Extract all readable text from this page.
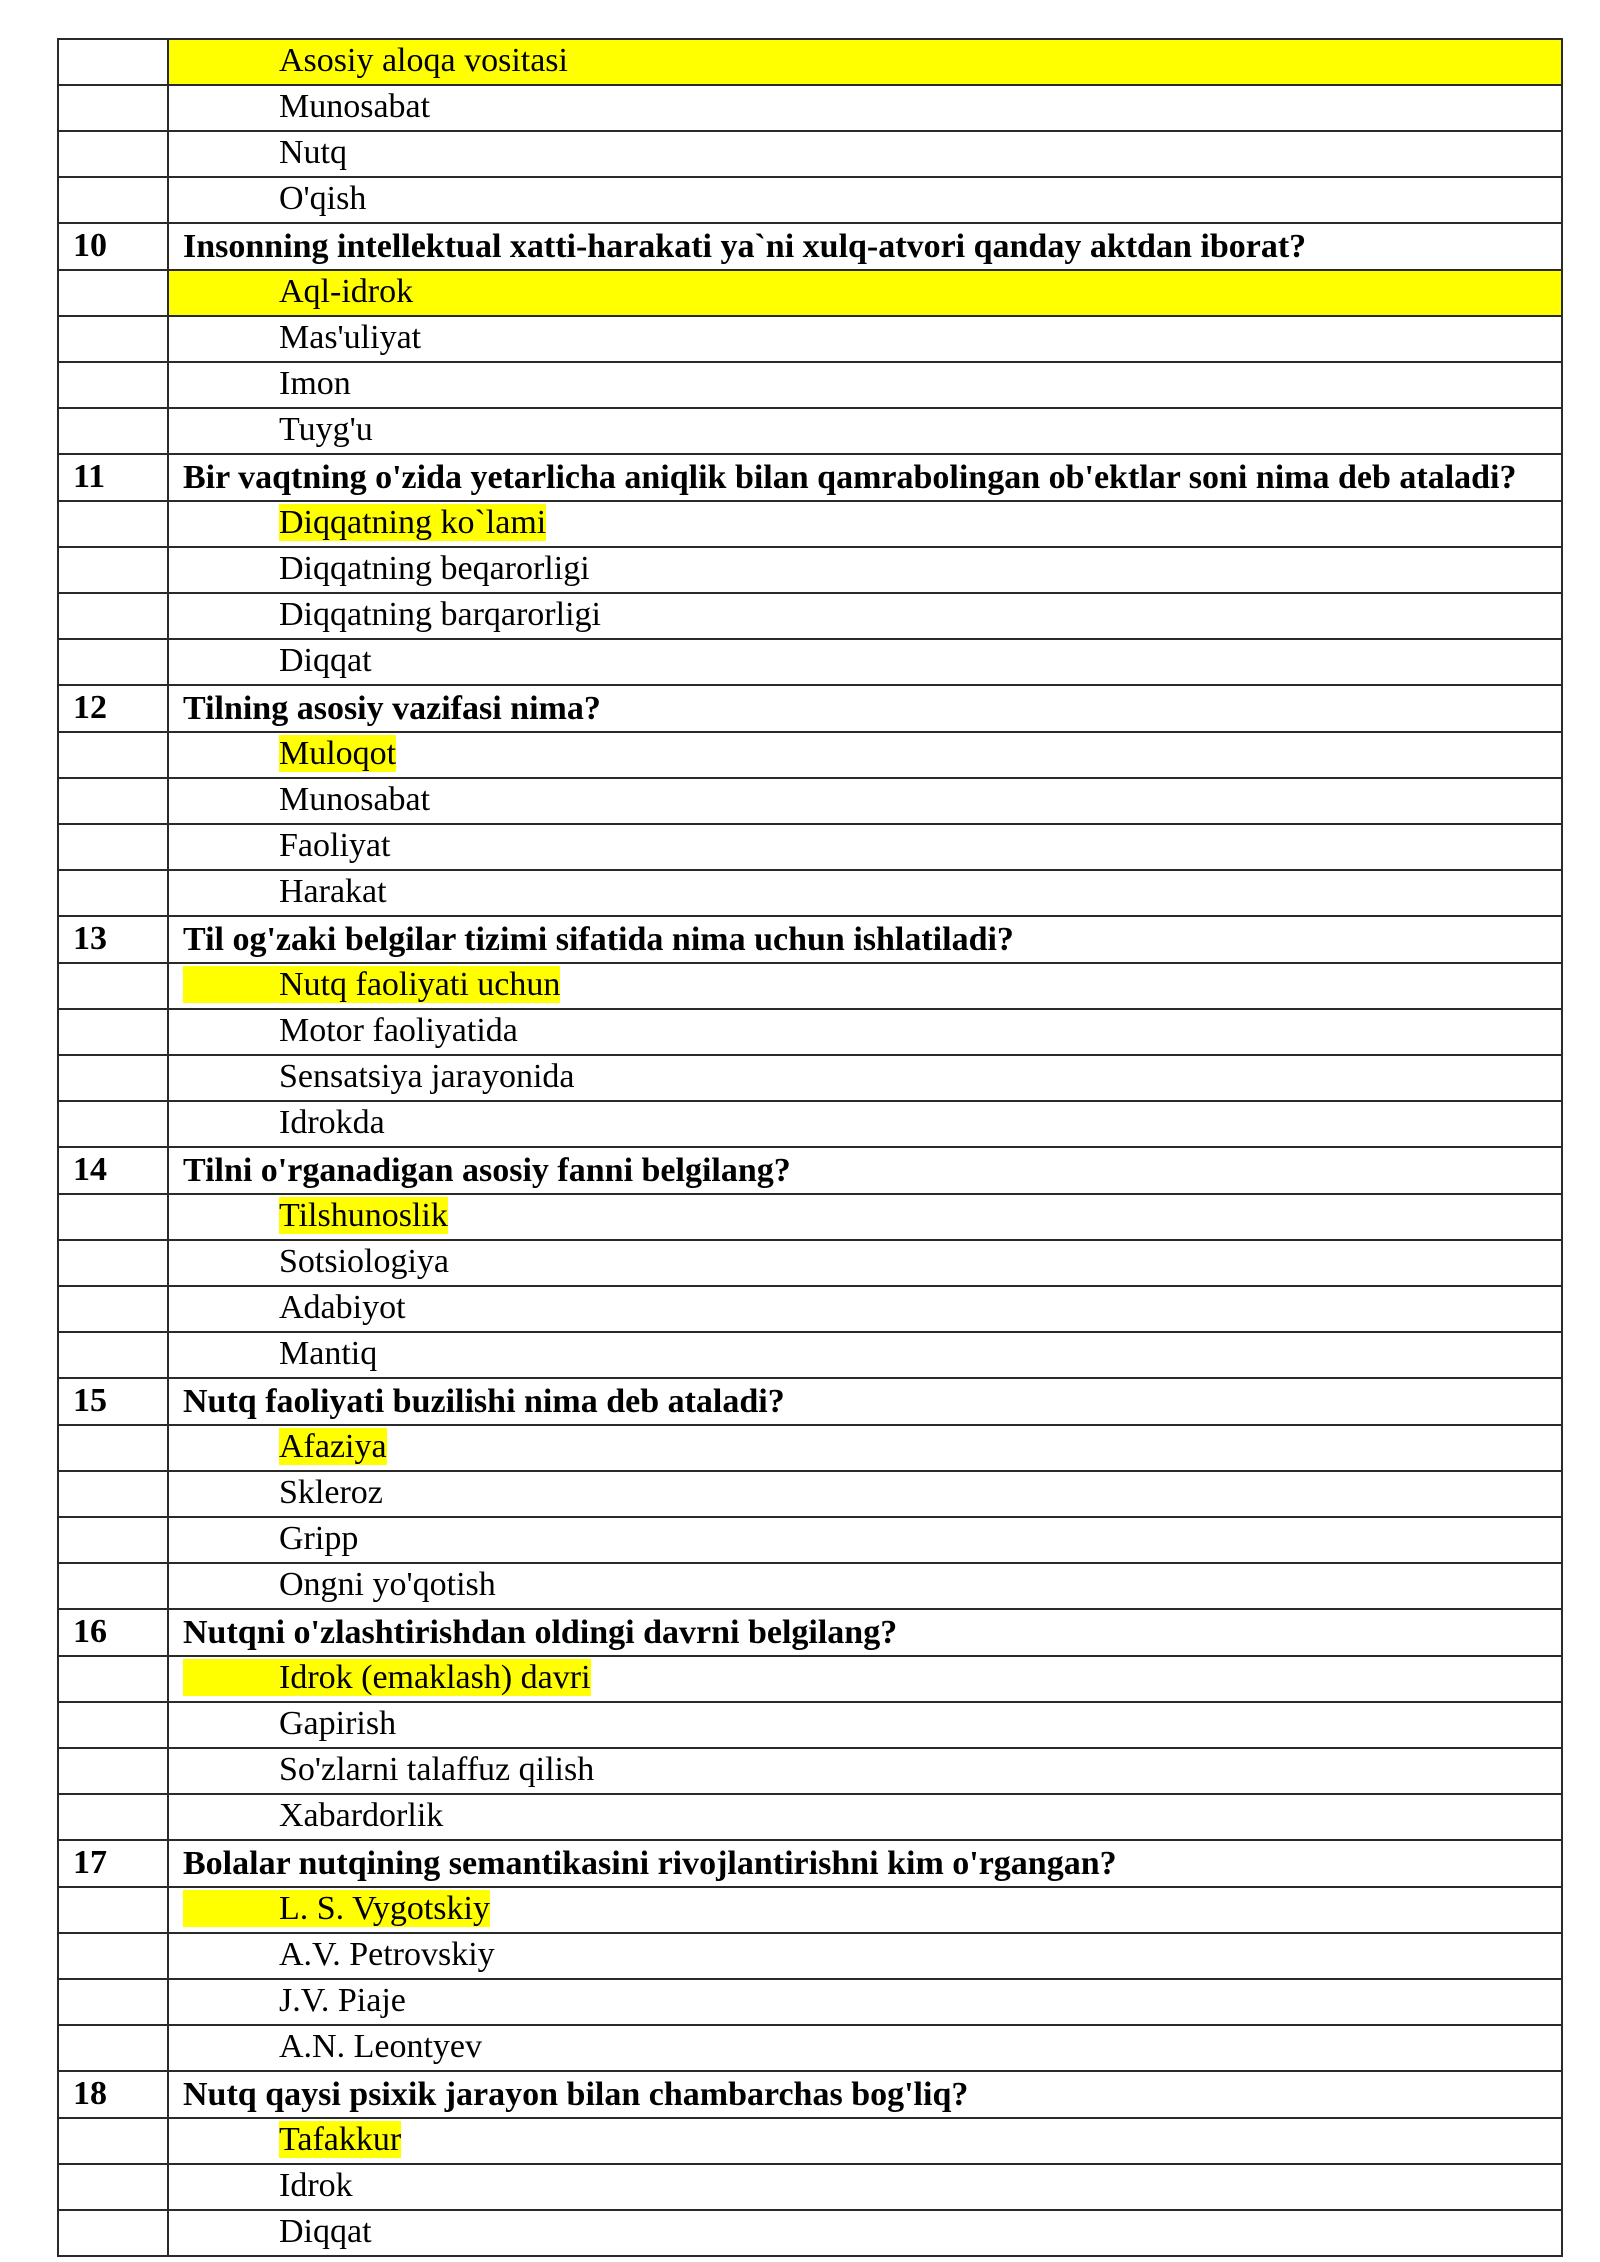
	Asosiy aloqa vositasi
	Munosabat
	Nutq
	O'qish
10	Insonning intellektual xatti-harakati ya`ni xulq-atvori qanday aktdan iborat?
	Aql-idrok
	Mas'uliyat
	Imon
	Tuyg'u
11	Bir vaqtning o'zida yetarlicha aniqlik bilan qamrabolingan ob'ektlar soni nima deb ataladi?
	Diqqatning ko`lami
	Diqqatning beqarorligi
	Diqqatning barqarorligi
	Diqqat
12	Tilning asosiy vazifasi nima?
	Muloqot
	Munosabat
	Faoliyat
	Harakat
13	Til og'zaki belgilar tizimi sifatida nima uchun ishlatiladi?
	Nutq faoliyati uchun
	Motor faoliyatida
	Sensatsiya jarayonida
	Idrokda
14	Tilni o'rganadigan asosiy fanni belgilang?
	Tilshunoslik
	Sotsiologiya
	Adabiyot
	Mantiq
15	Nutq faoliyati buzilishi nima deb ataladi?
	Afaziya
	Skleroz
	Gripp
	Ongni yo'qotish
16	Nutqni o'zlashtirishdan oldingi davrni belgilang?
	Idrok (emaklash) davri
	Gapirish
	So'zlarni talaffuz qilish
	Xabardorlik
17	Bolalar nutqining semantikasini rivojlantirishni kim o'rgangan?
	L. S. Vygotskiy
	A.V. Petrovskiy
	J.V. Piaje
	A.N. Leontyev
18	Nutq qaysi psixik jarayon bilan chambarchas bog'liq?
	Tafakkur
	Idrok
	Diqqat
